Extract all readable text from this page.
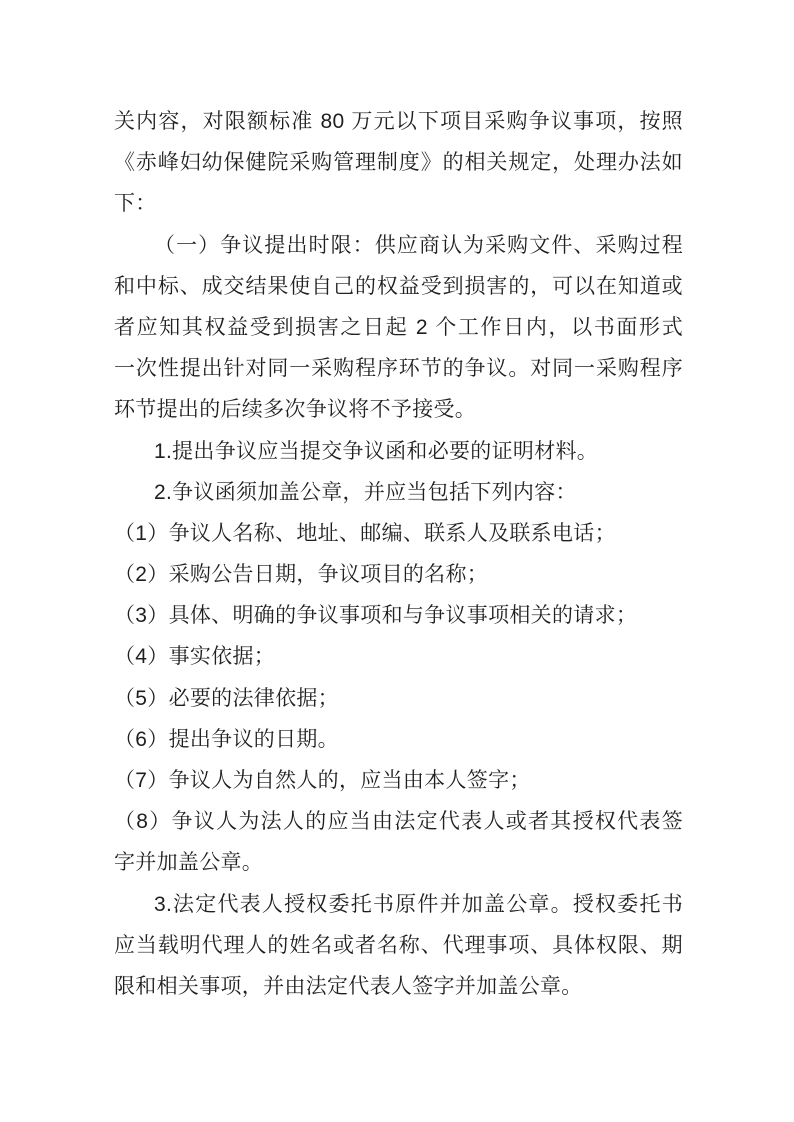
关内容，对限额标准 80 万元以下项目采购争议事项，按照
《赤峰妇幼保健院采购管理制度》的相关规定，处理办法如
下：
（一）争议提出时限：供应商认为采购文件、采购过程
和中标、成交结果使自己的权益受到损害的，可以在知道或
者应知其权益受到损害之日起 2 个工作日内，以书面形式
一次性提出针对同一采购程序环节的争议。对同一采购程序
环节提出的后续多次争议将不予接受。
1.提出争议应当提交争议函和必要的证明材料。
2.争议函须加盖公章，并应当包括下列内容：
（1）争议人名称、地址、邮编、联系人及联系电话；
（2）采购公告日期，争议项目的名称；
（3）具体、明确的争议事项和与争议事项相关的请求；
（4）事实依据；
（5）必要的法律依据；
（6）提出争议的日期。
（7）争议人为自然人的，应当由本人签字；
（8）争议人为法人的应当由法定代表人或者其授权代表签
字并加盖公章。
3.法定代表人授权委托书原件并加盖公章。授权委托书
应当载明代理人的姓名或者名称、代理事项、具体权限、期
限和相关事项，并由法定代表人签字并加盖公章。
